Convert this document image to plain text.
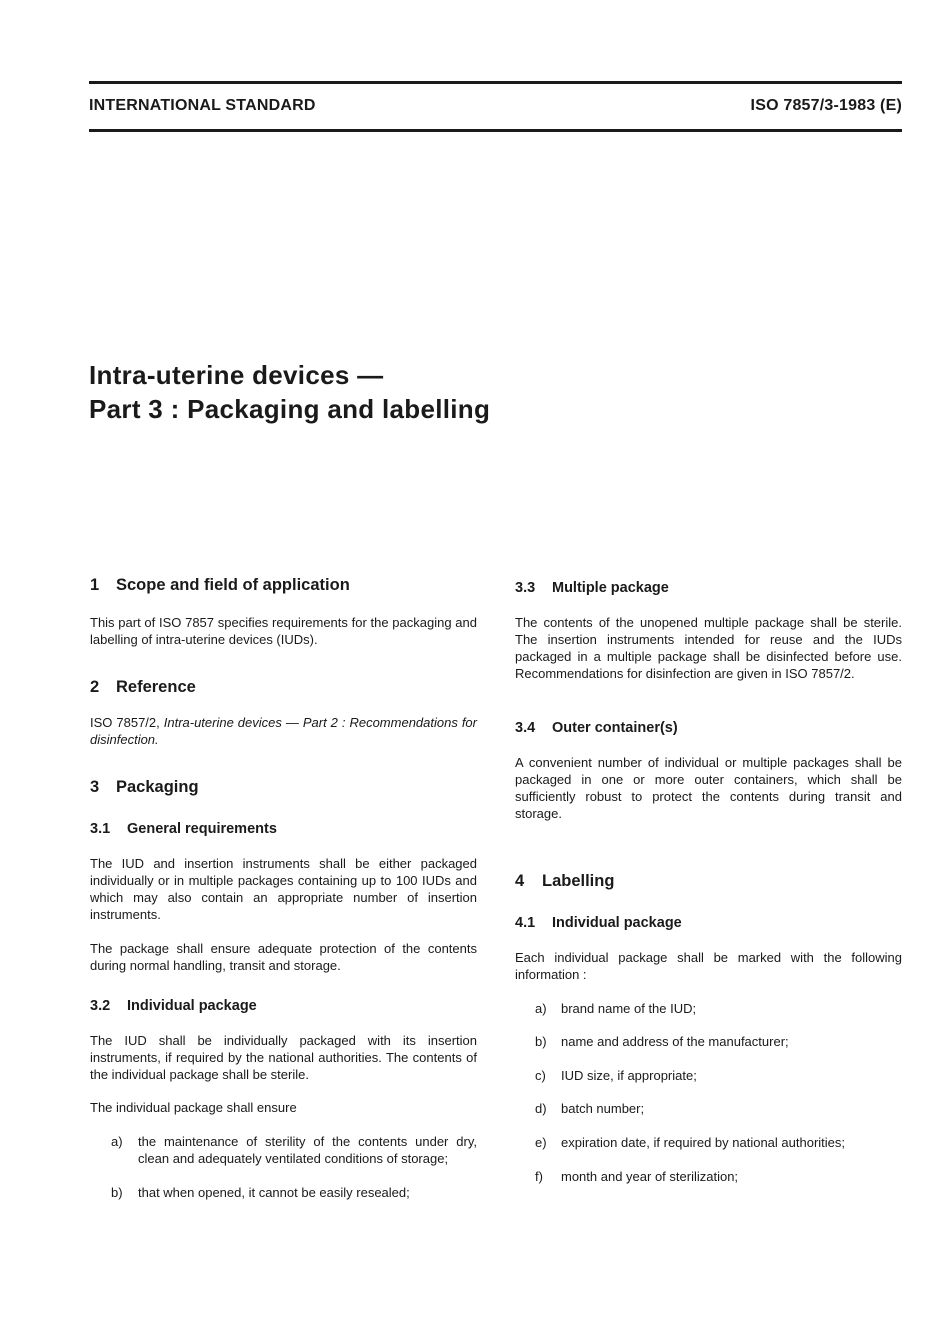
INTERNATIONAL STANDARD	ISO 7857/3-1983 (E)
Intra-uterine devices —
Part 3 : Packaging and labelling
1 Scope and field of application
This part of ISO 7857 specifies requirements for the packaging and labelling of intra-uterine devices (IUDs).
2 Reference
ISO 7857/2, Intra-uterine devices — Part 2 : Recommendations for disinfection.
3 Packaging
3.1 General requirements
The IUD and insertion instruments shall be either packaged individually or in multiple packages containing up to 100 IUDs and which may also contain an appropriate number of insertion instruments.
The package shall ensure adequate protection of the contents during normal handling, transit and storage.
3.2 Individual package
The IUD shall be individually packaged with its insertion instruments, if required by the national authorities. The contents of the individual package shall be sterile.
The individual package shall ensure
a)	the maintenance of sterility of the contents under dry, clean and adequately ventilated conditions of storage;
b)	that when opened, it cannot be easily resealed;
3.3 Multiple package
The contents of the unopened multiple package shall be sterile. The insertion instruments intended for reuse and the IUDs packaged in a multiple package shall be disinfected before use. Recommendations for disinfection are given in ISO 7857/2.
3.4 Outer container(s)
A convenient number of individual or multiple packages shall be packaged in one or more outer containers, which shall be sufficiently robust to protect the contents during transit and storage.
4 Labelling
4.1 Individual package
Each individual package shall be marked with the following information :
a) brand name of the IUD;
b) name and address of the manufacturer;
c) IUD size, if appropriate;
d) batch number;
e) expiration date, if required by national authorities;
f) month and year of sterilization;
